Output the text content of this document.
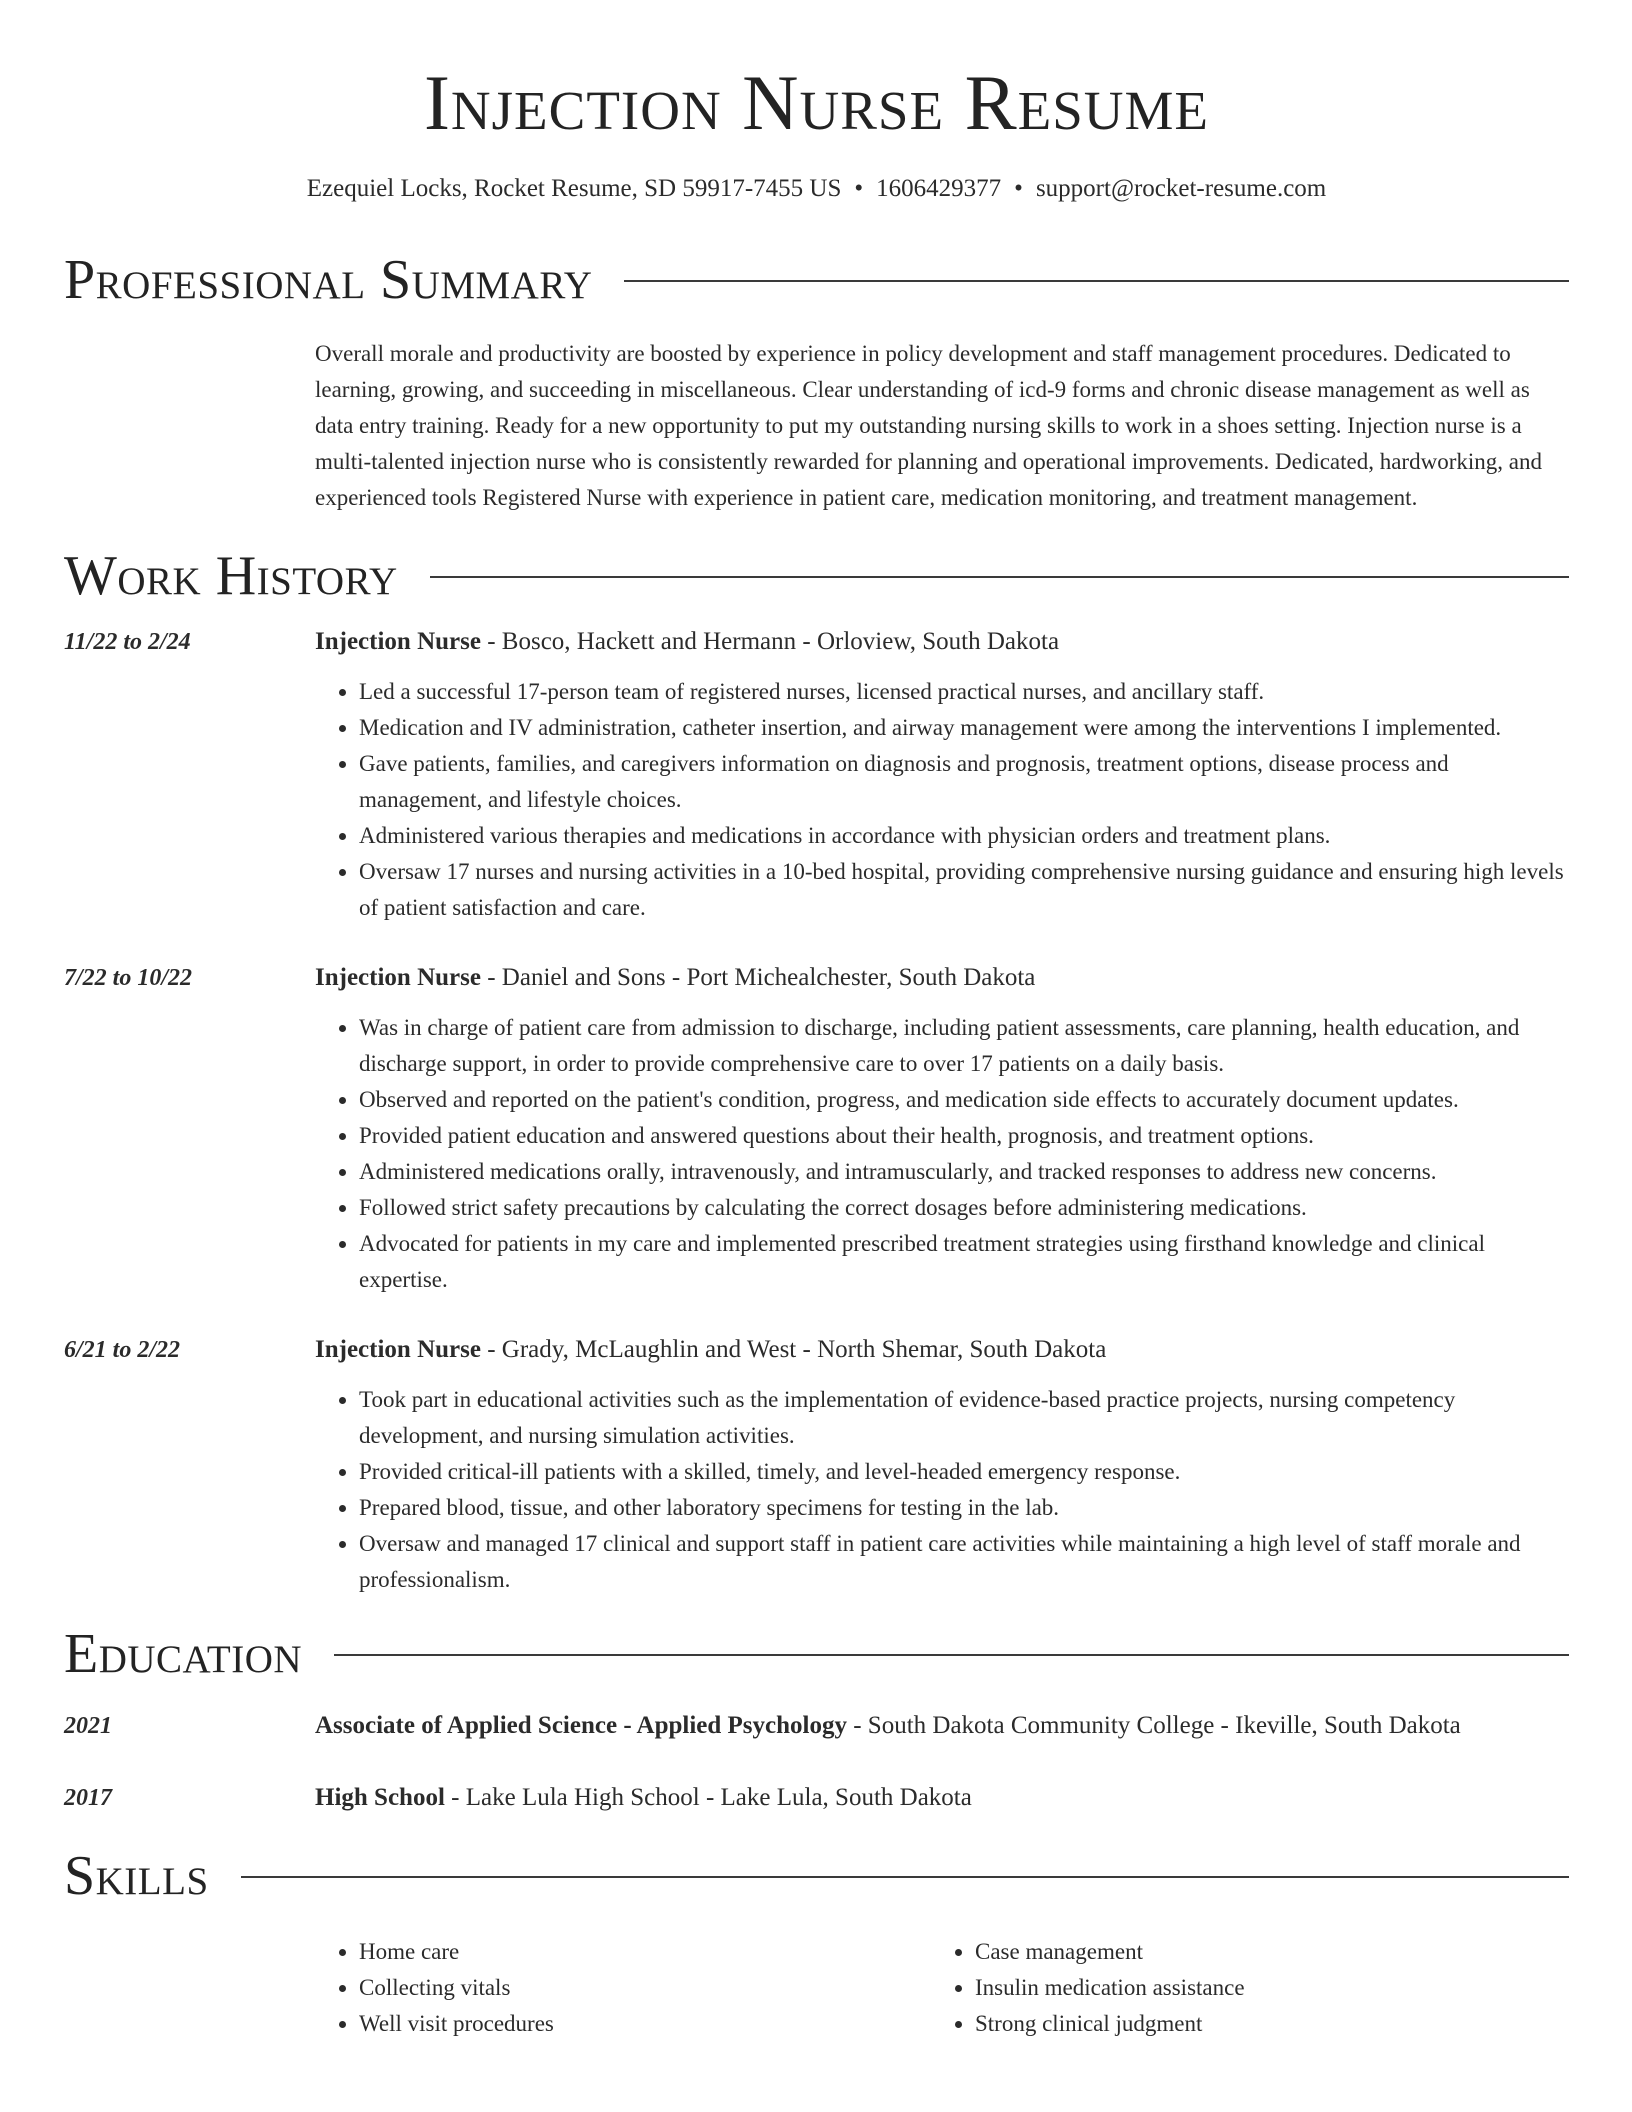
Injection Nurse Resume
Ezequiel Locks, Rocket Resume, SD 59917-7455 US • 1606429377 • support@rocket-resume.com
Professional Summary

Overall morale and productivity are boosted by experience in policy development and staff management procedures. Dedicated to learning, growing, and succeeding in miscellaneous. Clear understanding of icd-9 forms and chronic disease management as well as data entry training. Ready for a new opportunity to put my outstanding nursing skills to work in a shoes setting. Injection nurse is a multi-talented injection nurse who is consistently rewarded for planning and operational improvements. Dedicated, hardworking, and experienced tools Registered Nurse with experience in patient care, medication monitoring, and treatment management.

Work History
11/22 to 2/24	Injection Nurse - Bosco, Hackett and Hermann - Orloview, South Dakota
• Led a successful 17-person team of registered nurses, licensed practical nurses, and ancillary staff.
• Medication and IV administration, catheter insertion, and airway management were among the interventions I implemented.
• Gave patients, families, and caregivers information on diagnosis and prognosis, treatment options, disease process and management, and lifestyle choices.
• Administered various therapies and medications in accordance with physician orders and treatment plans.
• Oversaw 17 nurses and nursing activities in a 10-bed hospital, providing comprehensive nursing guidance and ensuring high levels of patient satisfaction and care.
7/22 to 10/22	Injection Nurse - Daniel and Sons - Port Michealchester, South Dakota
• Was in charge of patient care from admission to discharge, including patient assessments, care planning, health education, and discharge support, in order to provide comprehensive care to over 17 patients on a daily basis.
• Observed and reported on the patient's condition, progress, and medication side effects to accurately document updates.
• Provided patient education and answered questions about their health, prognosis, and treatment options.
• Administered medications orally, intravenously, and intramuscularly, and tracked responses to address new concerns.
• Followed strict safety precautions by calculating the correct dosages before administering medications.
• Advocated for patients in my care and implemented prescribed treatment strategies using firsthand knowledge and clinical expertise.
6/21 to 2/22	Injection Nurse - Grady, McLaughlin and West - North Shemar, South Dakota
• Took part in educational activities such as the implementation of evidence-based practice projects, nursing competency development, and nursing simulation activities.
• Provided critical-ill patients with a skilled, timely, and level-headed emergency response.
• Prepared blood, tissue, and other laboratory specimens for testing in the lab.
• Oversaw and managed 17 clinical and support staff in patient care activities while maintaining a high level of staff morale and professionalism.
Education
2021	Associate of Applied Science - Applied Psychology - South Dakota Community College - Ikeville, South Dakota
2017	High School - Lake Lula High School - Lake Lula, South Dakota
Skills
• Home care
• Collecting vitals
• Well visit procedures
• Case management
• Insulin medication assistance
• Strong clinical judgment
